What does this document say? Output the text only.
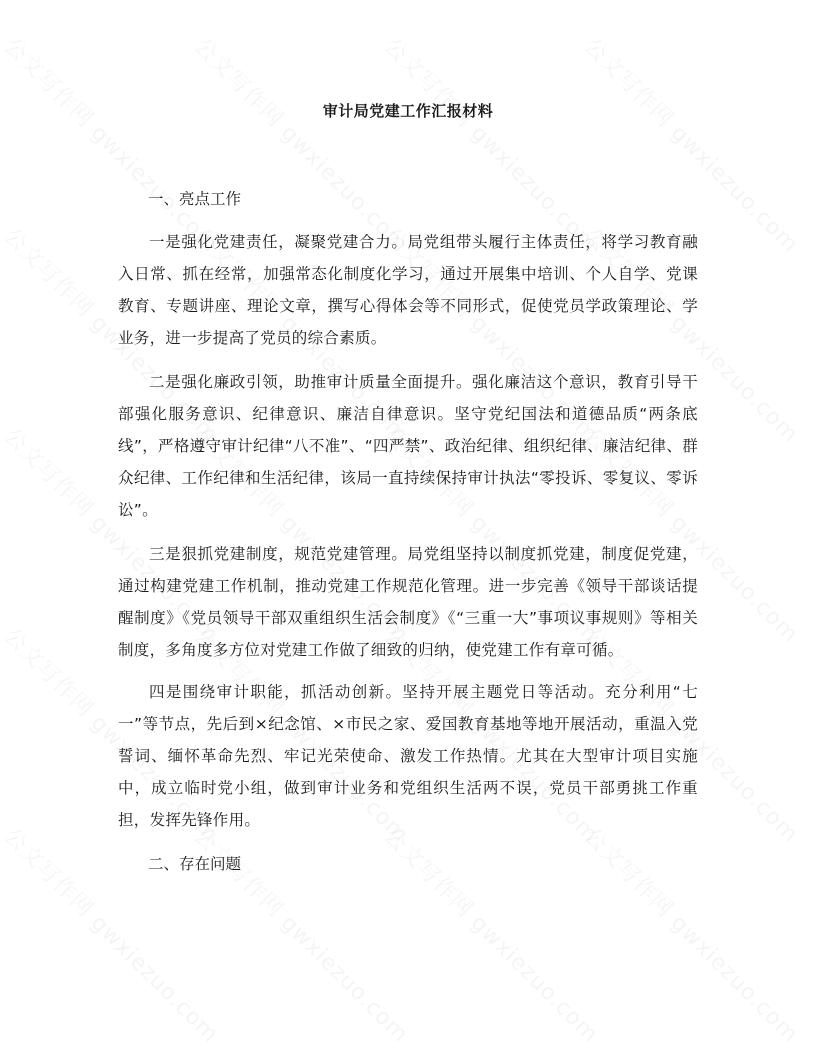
审计局党建工作汇报材料
一、亮点工作

一是强化党建责任，凝聚党建合力。局党组带头履行主体责任，将学习教育融入日常、抓在经常，加强常态化制度化学习，通过开展集中培训、个人自学、党课教育、专题讲座、理论文章，撰写心得体会等不同形式，促使党员学政策理论、学业务，进一步提高了党员的综合素质。

二是强化廉政引领，助推审计质量全面提升。强化廉洁这个意识，教育引导干部强化服务意识、纪律意识、廉洁自律意识。坚守党纪国法和道德品质“两条底线”，严格遵守审计纪律“八不准”、“四严禁”、政治纪律、组织纪律、廉洁纪律、群众纪律、工作纪律和生活纪律，该局一直持续保持审计执法“零投诉、零复议、零诉讼”。

三是狠抓党建制度，规范党建管理。局党组坚持以制度抓党建，制度促党建，通过构建党建工作机制，推动党建工作规范化管理。进一步完善《领导干部谈话提醒制度》《党员领导干部双重组织生活会制度》《“三重一大”事项议事规则》等相关制度，多角度多方位对党建工作做了细致的归纳，使党建工作有章可循。

四是围绕审计职能，抓活动创新。坚持开展主题党日等活动。充分利用“七一”等节点，先后到×纪念馆、×市民之家、爱国教育基地等地开展活动，重温入党誓词、缅怀革命先烈、牢记光荣使命、激发工作热情。尤其在大型审计项目实施中，成立临时党小组，做到审计业务和党组织生活两不误，党员干部勇挑工作重担，发挥先锋作用。

二、存在问题
